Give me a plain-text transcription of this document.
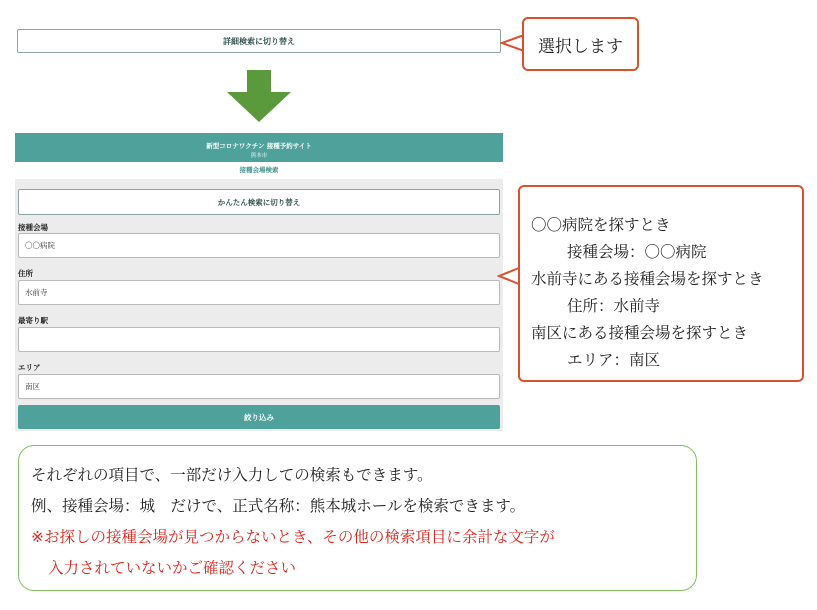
詳細検索に切り替え	選択します
新型コロナワクチン 接種予約サイト
熊本市
接種会場検索
かんたん検索に切り替え
接種会場
〇〇病院
住所
水前寺
最寄り駅
エリア
南区
絞り込み
〇〇病院を探すとき
接種会場：〇〇病院
水前寺にある接種会場を探すとき
住所：水前寺
南区にある接種会場を探すとき
エリア：南区
それぞれの項目で、一部だけ入力しての検索もできます。
例、接種会場：城　だけで、正式名称：熊本城ホールを検索できます。
※お探しの接種会場が見つからないとき、その他の検索項目に余計な文字が
入力されていないかご確認ください
